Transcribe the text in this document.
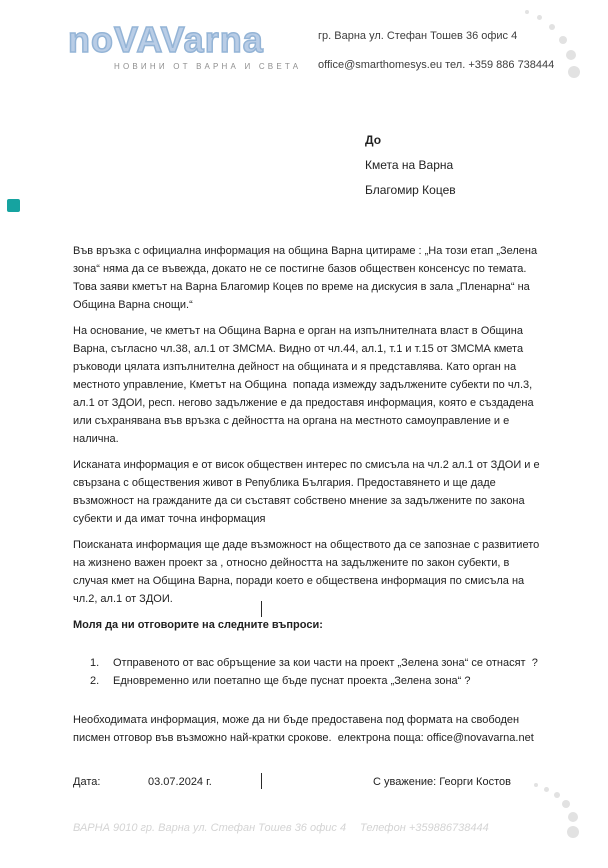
noVAVarna
НОВИНИ ОТ ВАРНА И СВЕТА
гр. Варна ул. Стефан Тошев 36 офис 4
office@smarthomesys.eu тел. +359 886 738444
До
Кмета на Варна
Благомир Коцев

Във връзка с официална информация на община Варна цитираме : „На този етап „Зелена зона“ няма да се въвежда, докато не се постигне базов обществен консенсус по темата. Това заяви кметът на Варна Благомир Коцев по време на дискусия в зала „Пленарна“ на Община Варна снощи.“

На основание, че кметът на Община Варна е орган на изпълнителната власт в Община Варна, съгласно чл.38, ал.1 от ЗМСМА. Видно от чл.44, ал.1, т.1 и т.15 от ЗМСМА кмета ръководи цялата изпълнителна дейност на общината и я представлява. Като орган на местното управление, Кметът на Община  попада измежду задължените субекти по чл.3, ал.1 от ЗДОИ, респ. негово задължение е да предоставя информация, която е създадена или съхранявана във връзка с дейността на органа на местното самоуправление и е налична.

Исканата информация е от висок обществен интерес по смисъла на чл.2 ал.1 от ЗДОИ и е свързана с обществения живот в Република България. Предоставянето и ще даде възможност на гражданите да си съставят собствено мнение за задължените по закона субекти и да имат точна информация

Поисканата информация ще даде възможност на обществото да се запознае с развитието на жизнено важен проект за , относно дейността на задължените по закон субекти, в случая кмет на Община Варна, поради което е обществена информация по смисъла на чл.2, ал.1 от ЗДОИ.

Моля да ни отговорите на следните въпроси:

1.	Отправеното от вас обръщение за кои части на проект „Зелена зона“ се отнасят  ?
2.	Едновременно или поетапно ще бъде пуснат проекта „Зелена зона“ ?

Необходимата информация, може да ни бъде предоставена под формата на свободен писмен отговор във възможно най-кратки срокове.  електрона поща: office@novavarna.net

Дата:	03.07.2024 г.	С уважение: Георги Костов
ВАРНА 9010 гр. Варна ул. Стефан Тошев 36 офис 4 Телефон +359886738444
